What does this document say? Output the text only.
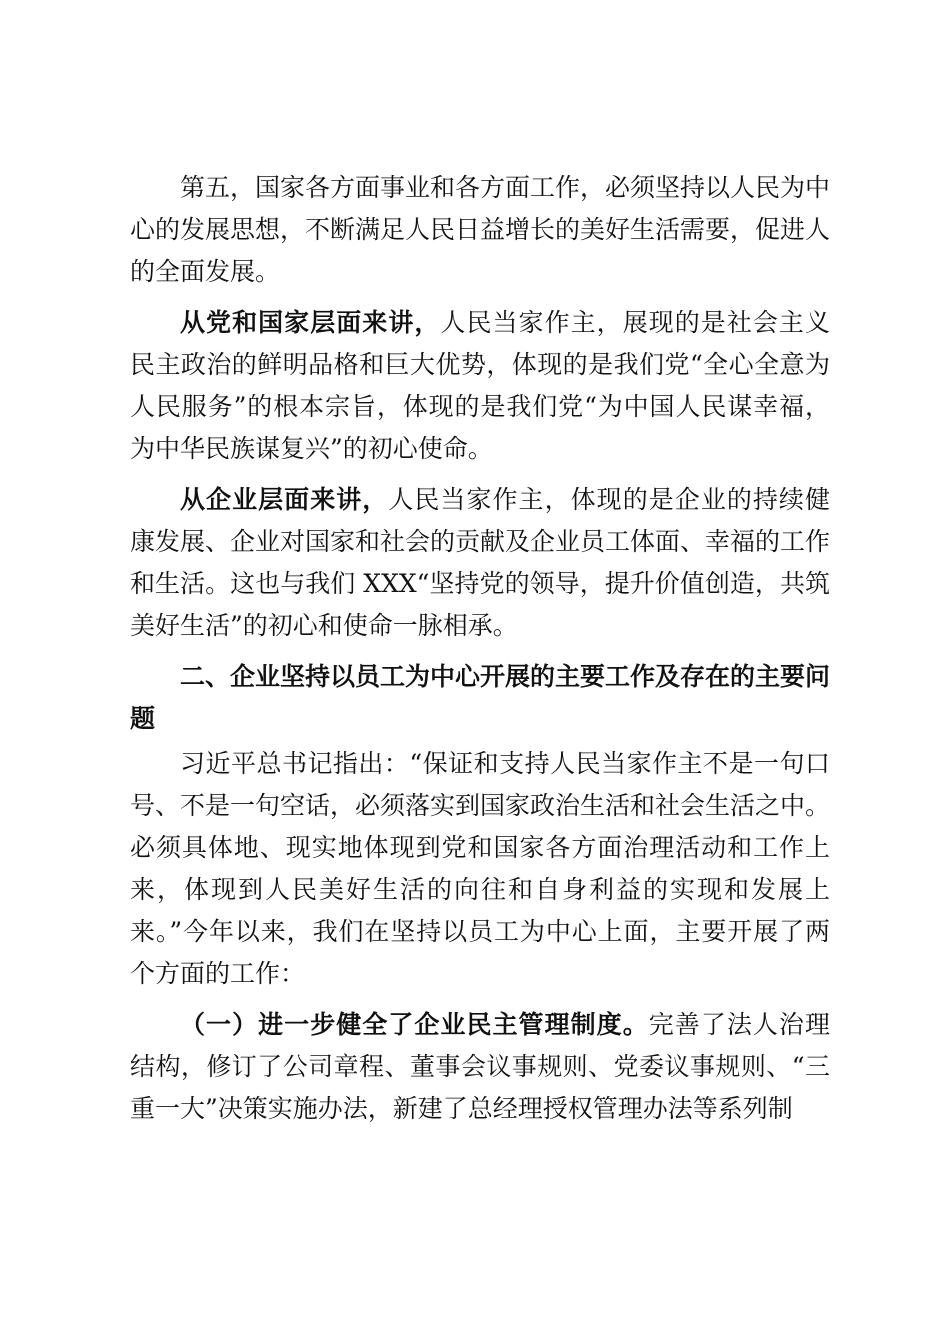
第五，国家各方面事业和各方面工作，必须坚持以人民为中心的发展思想，不断满足人民日益增长的美好生活需要，促进人的全面发展。

从党和国家层面来讲，人民当家作主，展现的是社会主义民主政治的鲜明品格和巨大优势，体现的是我们党“全心全意为人民服务”的根本宗旨，体现的是我们党“为中国人民谋幸福，为中华民族谋复兴”的初心使命。

从企业层面来讲，人民当家作主，体现的是企业的持续健康发展、企业对国家和社会的贡献及企业员工体面、幸福的工作和生活。这也与我们 XXX“坚持党的领导，提升价值创造，共筑美好生活”的初心和使命一脉相承。

二、企业坚持以员工为中心开展的主要工作及存在的主要问题

习近平总书记指出：“保证和支持人民当家作主不是一句口号、不是一句空话，必须落实到国家政治生活和社会生活之中。必须具体地、现实地体现到党和国家各方面治理活动和工作上来，体现到人民美好生活的向往和自身利益的实现和发展上来。”今年以来，我们在坚持以员工为中心上面，主要开展了两个方面的工作：

（一）进一步健全了企业民主管理制度。完善了法人治理结构，修订了公司章程、董事会议事规则、党委议事规则、“三重一大”决策实施办法，新建了总经理授权管理办法等系列制
